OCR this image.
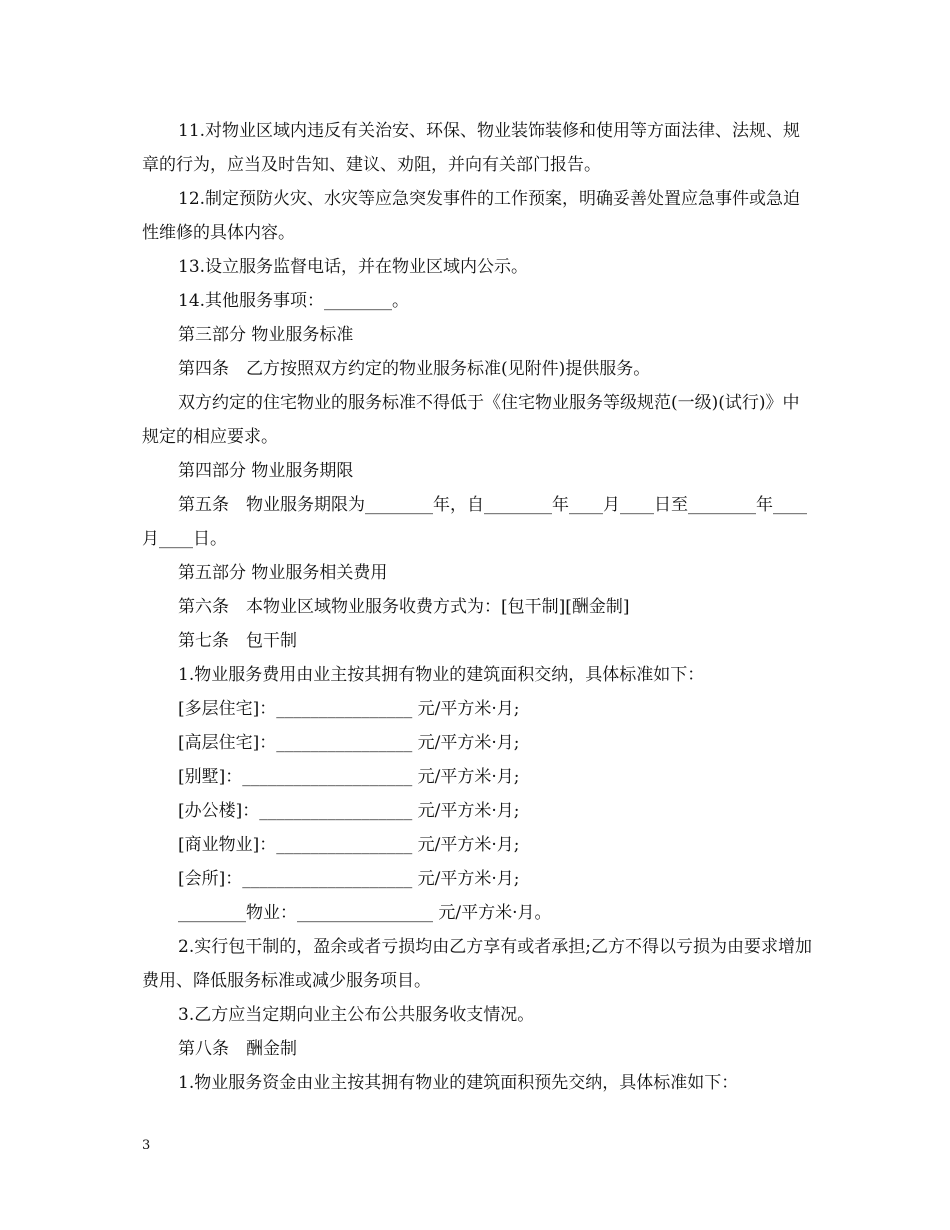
11.对物业区域内违反有关治安、环保、物业装饰装修和使用等方面法律、法规、规章的行为，应当及时告知、建议、劝阻，并向有关部门报告。
12.制定预防火灾、水灾等应急突发事件的工作预案，明确妥善处置应急事件或急迫性维修的具体内容。
13.设立服务监督电话，并在物业区域内公示。
14.其他服务事项：________。
第三部分 物业服务标准
第四条　乙方按照双方约定的物业服务标准(见附件)提供服务。
双方约定的住宅物业的服务标准不得低于《住宅物业服务等级规范(一级)(试行)》中规定的相应要求。
第四部分 物业服务期限
第五条　物业服务期限为________年，自________年____月____日至________年____月____日。
第五部分 物业服务相关费用
第六条　本物业区域物业服务收费方式为：[包干制][酬金制]
第七条　包干制
1.物业服务费用由业主按其拥有物业的建筑面积交纳，具体标准如下：
[多层住宅]：________________ 元/平方米·月;
[高层住宅]：________________ 元/平方米·月;
[别墅]：____________________ 元/平方米·月;
[办公楼]：__________________ 元/平方米·月;
[商业物业]：________________ 元/平方米·月;
[会所]：____________________ 元/平方米·月;
________物业：________________ 元/平方米·月。
2.实行包干制的，盈余或者亏损均由乙方享有或者承担;乙方不得以亏损为由要求增加费用、降低服务标准或减少服务项目。
3.乙方应当定期向业主公布公共服务收支情况。
第八条　酬金制
1.物业服务资金由业主按其拥有物业的建筑面积预先交纳，具体标准如下：
3
